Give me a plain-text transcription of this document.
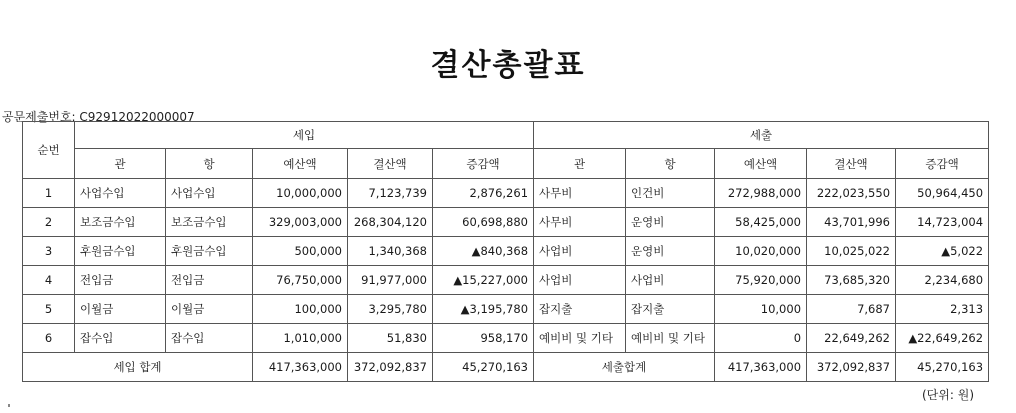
결산총괄표
공문제출번호: C92912022000007
순번	세입					세출				
	관	항	예산액	결산액	증감액	관	항	예산액	결산액	증감액
1	사업수입	사업수입	10,000,000	7,123,739	2,876,261	사무비	인건비	272,988,000	222,023,550	50,964,450
2	보조금수입	보조금수입	329,003,000	268,304,120	60,698,880	사무비	운영비	58,425,000	43,701,996	14,723,004
3	후원금수입	후원금수입	500,000	1,340,368	▲840,368	사업비	운영비	10,020,000	10,025,022	▲5,022
4	전입금	전입금	76,750,000	91,977,000	▲15,227,000	사업비	사업비	75,920,000	73,685,320	2,234,680
5	이월금	이월금	100,000	3,295,780	▲3,195,780	잡지출	잡지출	10,000	7,687	2,313
6	잡수입	잡수입	1,010,000	51,830	958,170	예비비 및 기타	예비비 및 기타	0	22,649,262	▲22,649,262
세입 합계			417,363,000	372,092,837	45,270,163	세출합계		417,363,000	372,092,837	45,270,163
(단위: 원)
